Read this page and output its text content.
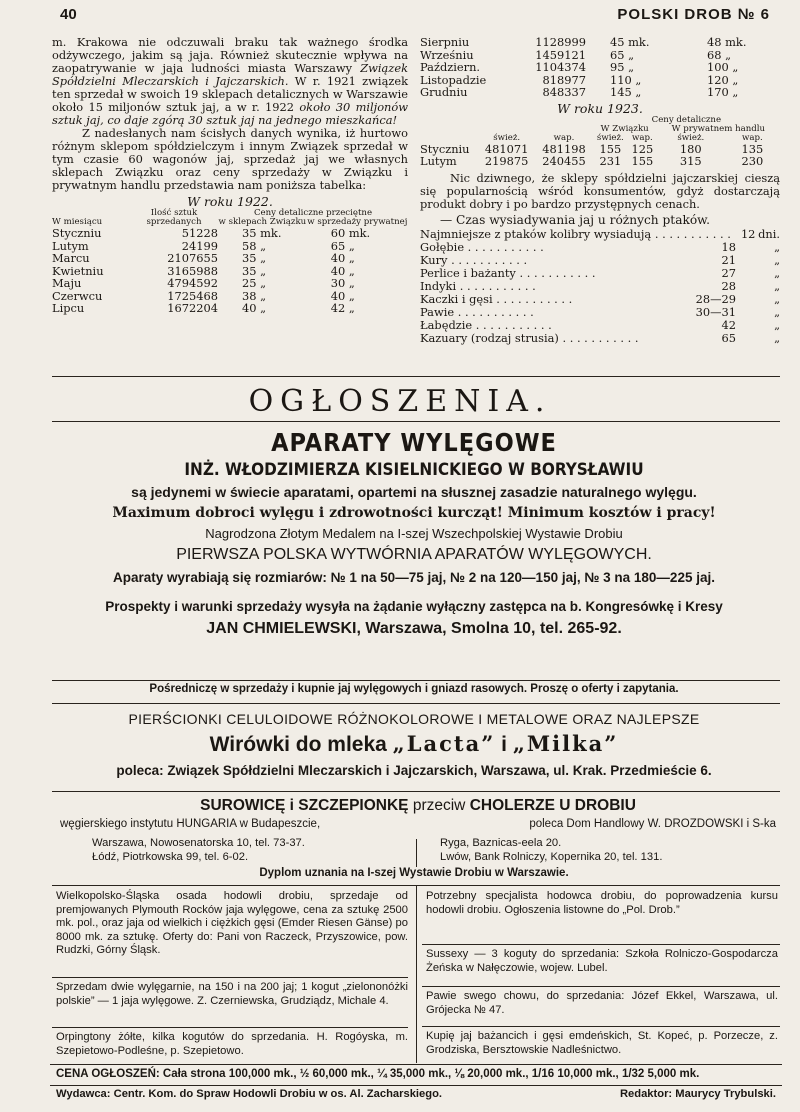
40	POLSKI DROB № 6
m. Krakowa nie odczuwali braku tak ważnego środka odżywczego, jakim są jaja. Również skutecznie wpływa na zaopatrywanie w jaja ludności miasta Warszawy Związek Spółdzielni Mleczarskich i Jajczarskich. W r. 1921 związek ten sprzedał w swoich 19 sklepach detalicznych w Warszawie około 15 miljonów sztuk jaj, a w r. 1922 około 30 miljonów sztuk jaj, co daje zgórą 30 sztuk jaj na jednego mieszkańca!
Z nadesłanych nam ścisłych danych wynika, iż hurtowo różnym sklepom spółdzielczym i innym Związek sprzedał w tym czasie 60 wagonów jaj, sprzedaż jaj we własnych sklepach Związku oraz ceny sprzedaży w Związku i prywatnym handlu przedstawia nam poniższa tabelka:
W roku 1922.
W miesiącu	Ilość sztuk sprzedanych	Ceny detaliczne przeciętne	
		w sklepach Związku	w sprzedaży prywatnej
Styczniu	51228	35 mk.	60 mk.
Lutym	24199	58 „	65 „
Marcu	2107655	35 „	40 „
Kwietniu	3165988	35 „	40 „
Maju	4794592	25 „	30 „
Czerwcu	1725468	38 „	40 „
Lipcu	1672204	40 „	42 „
Sierpniu	1128999	45 mk.	48 mk.
Wrześniu	1459121	65 „	68 „
Październ.	1104374	95 „	100 „
Listopadzie	818977	110 „	120 „
Grudniu	848337	145 „	170 „
W roku 1923.
			Ceny detaliczne			
			W Związku		W prywatnem handlu	
	śwież.	wap.	śwież.	wap.	śwież.	wap.
Styczniu	481071	481198	155	125	180	135
Lutym	219875	240455	231	155	315	230
Nic dziwnego, że sklepy spółdzielni jajczarskiej cieszą się popularnością wśród konsumentów, gdyż dostarczają produkt dobry i po bardzo przystępnych cenach.
— Czas wysiadywania jaj u różnych ptaków.
Najmniejsze z ptaków kolibry wysiadują . . . . . . . . . . . 12 dni.
Gołębie . . . . . . . . . . .	18	„
Kury . . . . . . . . . . .	21	„
Perlice i bażanty . . . . . . . . . . .	27	„
Indyki . . . . . . . . . . .	28	„
Kaczki i gęsi . . . . . . . . . . .	28—29	„
Pawie . . . . . . . . . . .	30—31	„
Łabędzie . . . . . . . . . . .	42	„
Kazuary (rodzaj strusia) . . . . . . . . . . .	65	„
OGŁOSZENIA.
APARATY WYLĘGOWE
INŻ. WŁODZIMIERZA KISIELNICKIEGO W BORYSŁAWIU
są jedynemi w świecie aparatami, opartemi na słusznej zasadzie naturalnego wylęgu.
Maximum dobroci wylęgu i zdrowotności kurcząt! Minimum kosztów i pracy!
Nagrodzona Złotym Medalem na I-szej Wszechpolskiej Wystawie Drobiu
PIERWSZA POLSKA WYTWÓRNIA APARATÓW WYLĘGOWYCH.
Aparaty wyrabiają się rozmiarów: № 1 na 50—75 jaj, № 2 na 120—150 jaj, № 3 na 180—225 jaj.
Prospekty i warunki sprzedaży wysyła na żądanie wyłączny zastępca na b. Kongresówkę i Kresy
JAN CHMIELEWSKI, Warszawa, Smolna 10, tel. 265-92.
Pośredniczę w sprzedaży i kupnie jaj wylęgowych i gniazd rasowych. Proszę o oferty i zapytania.
PIERŚCIONKI CELULOIDOWE RÓŻNOKOLOROWE I METALOWE ORAZ NAJLEPSZE
Wirówki do mleka „Lacta” i „Milka”
poleca: Związek Spółdzielni Mleczarskich i Jajczarskich, Warszawa, ul. Krak. Przedmieście 6.
SUROWICĘ i SZCZEPIONKĘ przeciw CHOLERZE U DROBIU
węgierskiego instytutu HUNGARIA w Budapeszcie,	poleca Dom Handlowy W. DROZDOWSKI i S-ka
Warszawa, Nowosenatorska 10, tel. 73-37.
Łódź, Piotrkowska 99, tel. 6-02.
Ryga, Baznicas-eela 20.
Lwów, Bank Rolniczy, Kopernika 20, tel. 131.
Dyplom uznania na I-szej Wystawie Drobiu w Warszawie.
Wielkopolsko-Śląska osada hodowli drobiu, sprzedaje od premjowanych Plymouth Rocków jaja wylęgowe, cena za sztukę 2500 mk. pol., oraz jaja od wielkich i ciężkich gęsi (Emder Riesen Gänse) po 8000 mk. za sztukę. Oferty do: Pani von Raczeck, Przyszowice, pow. Rudzki, Górny Śląsk.
Sprzedam dwie wylęgarnie, na 150 i na 200 jaj; 1 kogut „zielononóżki polskie” — 1 jaja wylęgowe. Z. Czerniewska, Grudziądz, Michale 4.
Orpingtony żółte, kilka kogutów do sprzedania. H. Rogóyska, m. Szepietowo-Podleśne, p. Szepietowo.
Potrzebny specjalista hodowca drobiu, do poprowadzenia kursu hodowli drobiu. Ogłoszenia listowne do „Pol. Drob.”
Sussexy — 3 koguty do sprzedania: Szkoła Rolniczo-Gospodarcza Żeńska w Nałęczowie, wojew. Lubel.
Pawie swego chowu, do sprzedania: Józef Ekkel, Warszawa, ul. Grójecka № 47.
Kupię jaj bażancich i gęsi emdeńskich, St. Kopeć, p. Porzecze, z. Grodziska, Bersztowskie Nadleśnictwo.
CENA OGŁOSZEŃ: Cała strona 100,000 mk., ½ 60,000 mk., ¼ 35,000 mk., ⅛ 20,000 mk., 1/16 10,000 mk., 1/32 5,000 mk.
Wydawca: Centr. Kom. do Spraw Hodowli Drobiu w os. Al. Zacharskiego.	Redaktor: Maurycy Trybulski.
